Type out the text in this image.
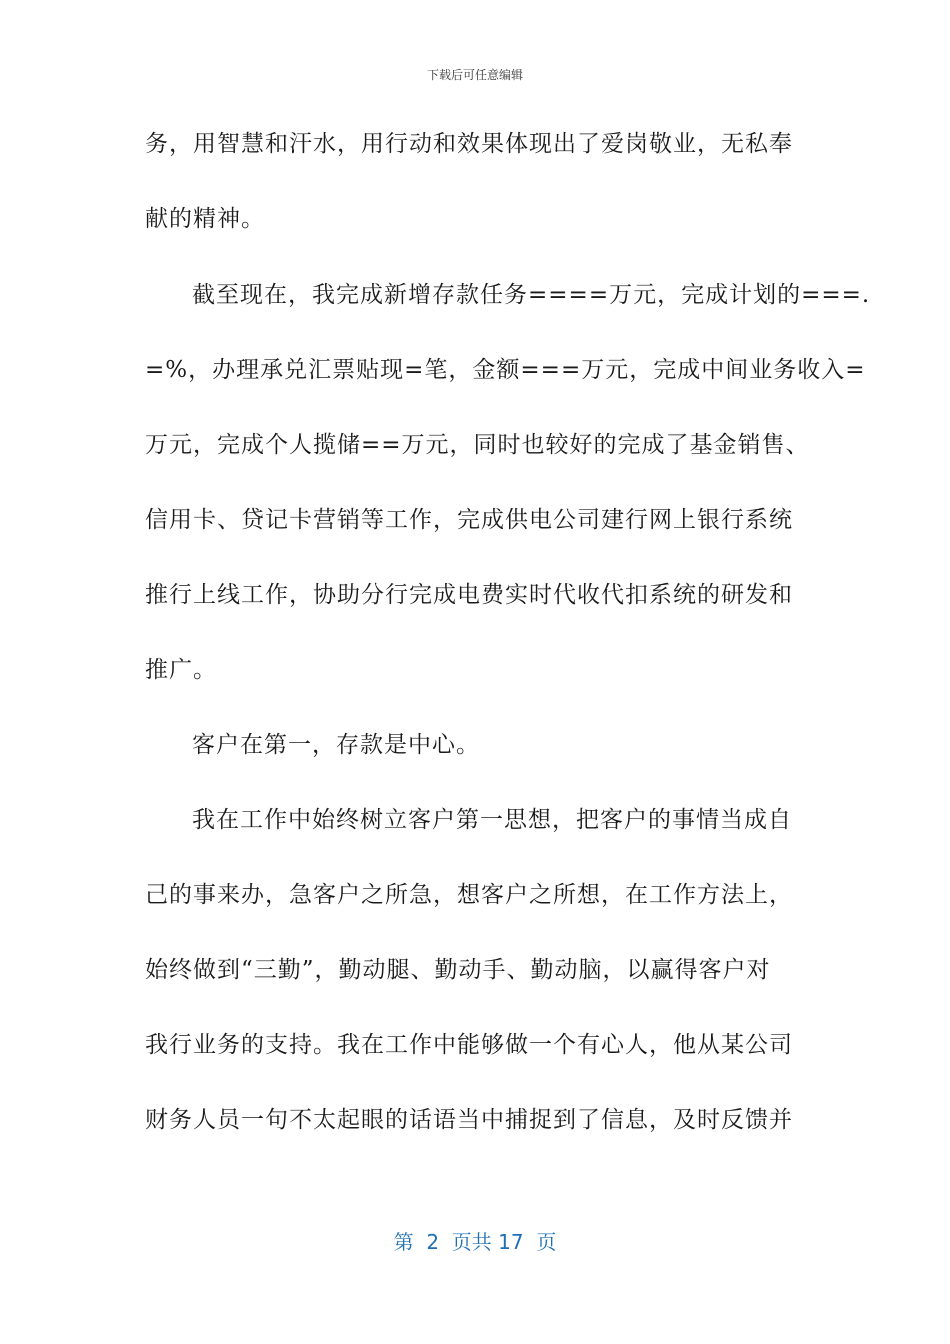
下载后可任意编辑
务，用智慧和汗水，用行动和效果体现出了爱岗敬业，无私奉
献的精神。
截至现在，我完成新增存款任务====万元，完成计划的===.
=%，办理承兑汇票贴现=笔，金额===万元，完成中间业务收入=
万元，完成个人揽储==万元，同时也较好的完成了基金销售、
信用卡、贷记卡营销等工作，完成供电公司建行网上银行系统
推行上线工作，协助分行完成电费实时代收代扣系统的研发和
推广。
客户在第一，存款是中心。
我在工作中始终树立客户第一思想，把客户的事情当成自
己的事来办，急客户之所急，想客户之所想，在工作方法上，
始终做到“三勤”，勤动腿、勤动手、勤动脑，以赢得客户对
我行业务的支持。我在工作中能够做一个有心人，他从某公司
财务人员一句不太起眼的话语当中捕捉到了信息，及时反馈并
第  2  页共 17  页
